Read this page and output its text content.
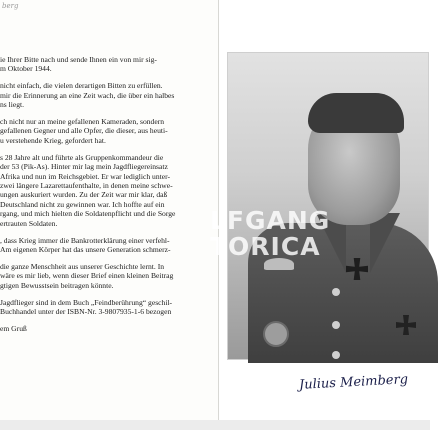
berg

ie Ihrer Bitte nach und sende Ihnen ein von mir sig-
m Oktober 1944.

nicht einfach, die vielen derartigen Bitten zu erfüllen.
mir die Erinnerung an eine Zeit wach, die über ein halbes
ns liegt.

ch nicht nur an meine gefallenen Kameraden, sondern
gefallenen Gegner und alle Opfer, die dieser, aus heuti-
u verstehende Krieg, gefordert hat.

s 28 Jahre alt und führte als Gruppenkommandeur die
der 53 (Pik-As). Hinter mir lag mein Jagdfliegereinsatz
Afrika und nun im Reichsgebiet. Er war lediglich unter-
zwei längere Lazarettaufenthalte, in denen meine schwe-
ungen auskuriert wurden. Zu der Zeit war mir klar, daß
Deutschland nicht zu gewinnen war. Ich hoffte auf ein
rgang, und mich hielten die Soldatenpflicht und die Sorge
ertrauten Soldaten.

, dass Krieg immer die Bankrotterklärung einer verfehl-
Am eigenen Körper hat das unsere Generation schmerz-

die ganze Menschheit aus unserer Geschichte lernt. In
wäre es mir lieb, wenn dieser Brief einen kleinen Beitrag
gtigen Bewusstsein beitragen könnte.

Jagdflieger sind in dem Buch „Feindberührung“ geschil-
Buchhandel unter der ISBN-Nr. 3-9807935-1-6 bezogen

em Gruß

LFGANG
TORICA
Julius Meimberg
